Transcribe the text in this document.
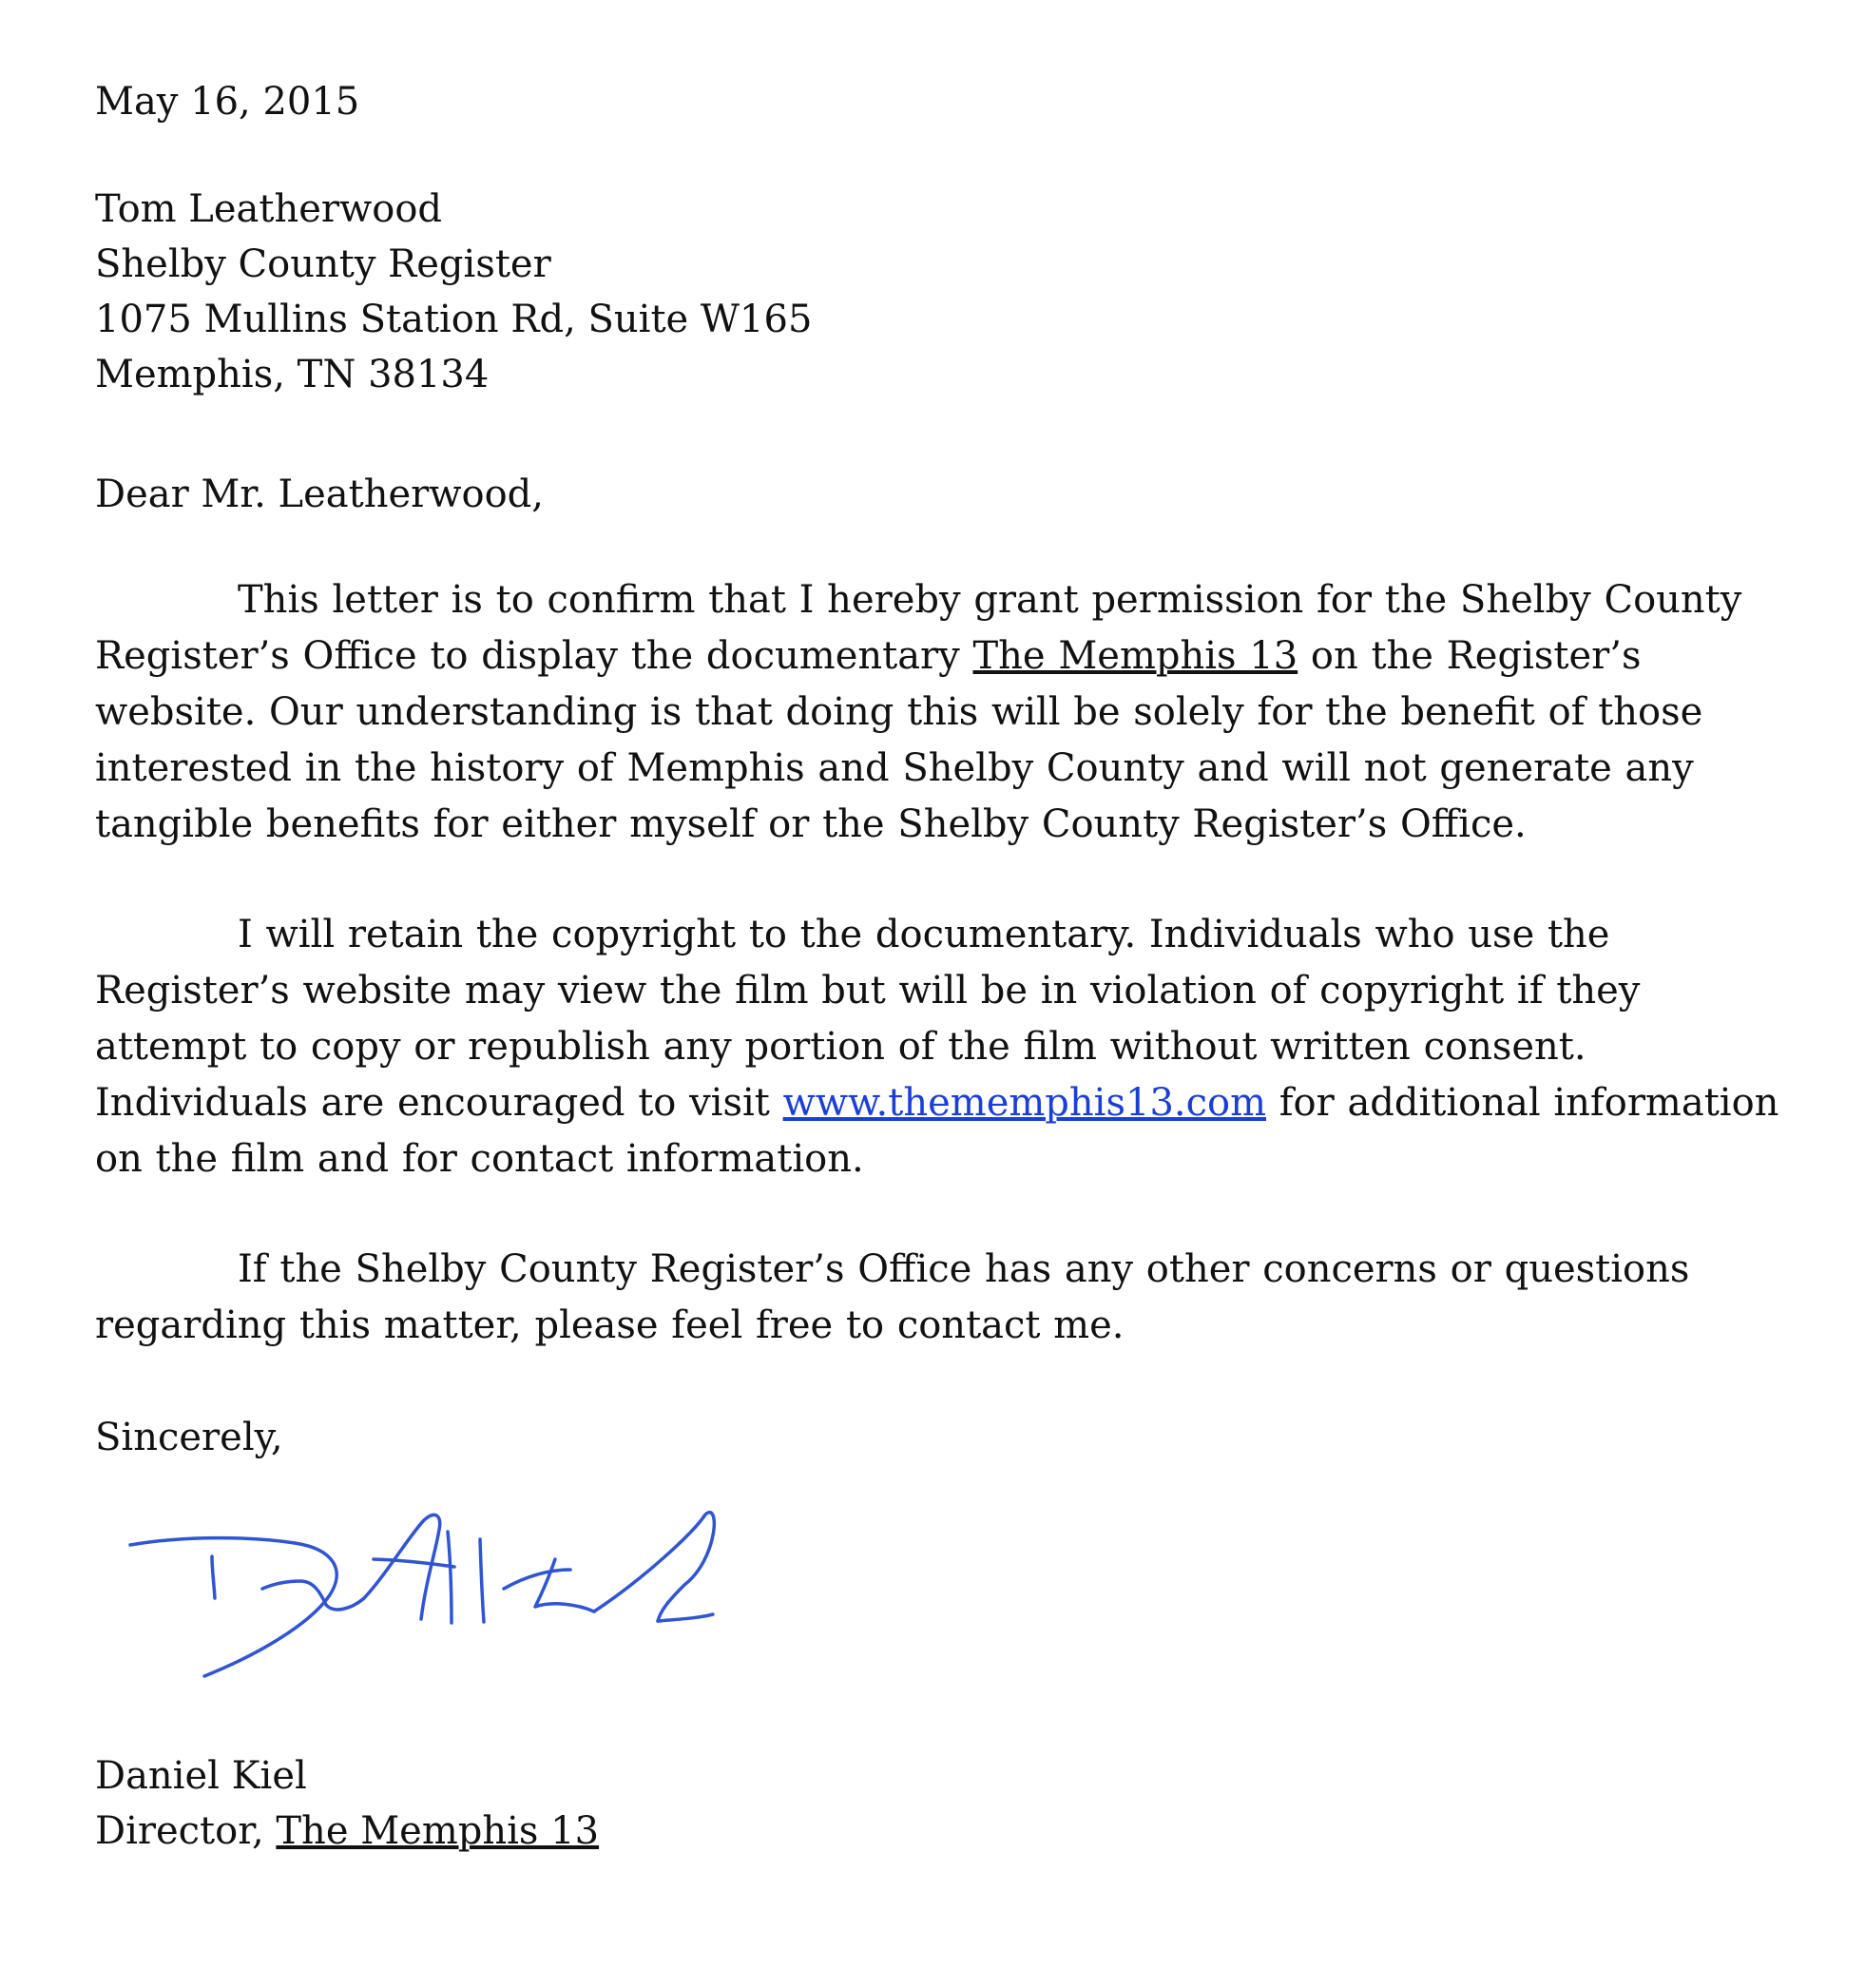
May 16, 2015
Tom Leatherwood
Shelby County Register
1075 Mullins Station Rd, Suite W165
Memphis, TN 38134
Dear Mr. Leatherwood,
This letter is to confirm that I hereby grant permission for the Shelby County Register’s Office to display the documentary The Memphis 13 on the Register’s website. Our understanding is that doing this will be solely for the benefit of those interested in the history of Memphis and Shelby County and will not generate any tangible benefits for either myself or the Shelby County Register’s Office.
I will retain the copyright to the documentary. Individuals who use the Register’s website may view the film but will be in violation of copyright if they attempt to copy or republish any portion of the film without written consent. Individuals are encouraged to visit www.thememphis13.com for additional information on the film and for contact information.
If the Shelby County Register’s Office has any other concerns or questions regarding this matter, please feel free to contact me.
Sincerely,
Daniel Kiel
Director, The Memphis 13
